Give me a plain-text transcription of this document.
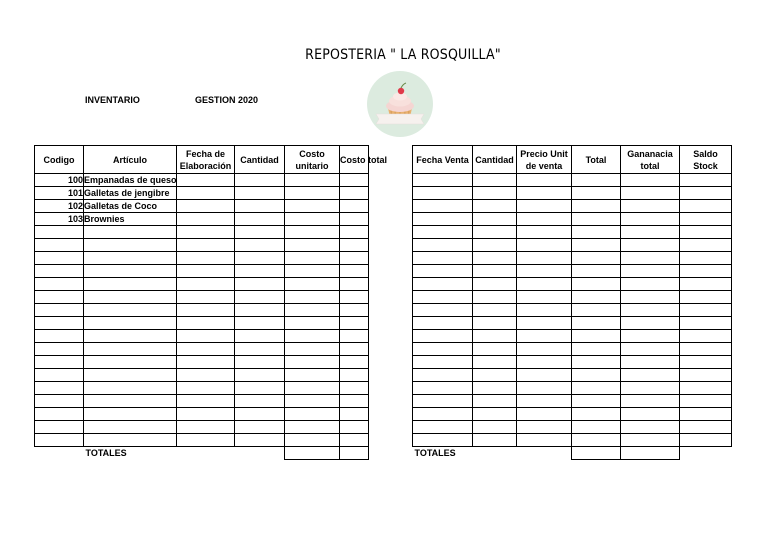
REPOSTERIA " LA ROSQUILLA"
INVENTARIO	GESTION 2020
Codigo	Artículo	Fecha de Elaboración	Cantidad	Costo unitario	Costo total
100	Empanadas de queso				
101	Galletas de jengibre				
102	Galletas de Coco				
103	Brownies				

	TOTALES				
Fecha Venta	Cantidad	Precio Unit de venta	Total	Gananacia total	Saldo Stock

TOTALES					
